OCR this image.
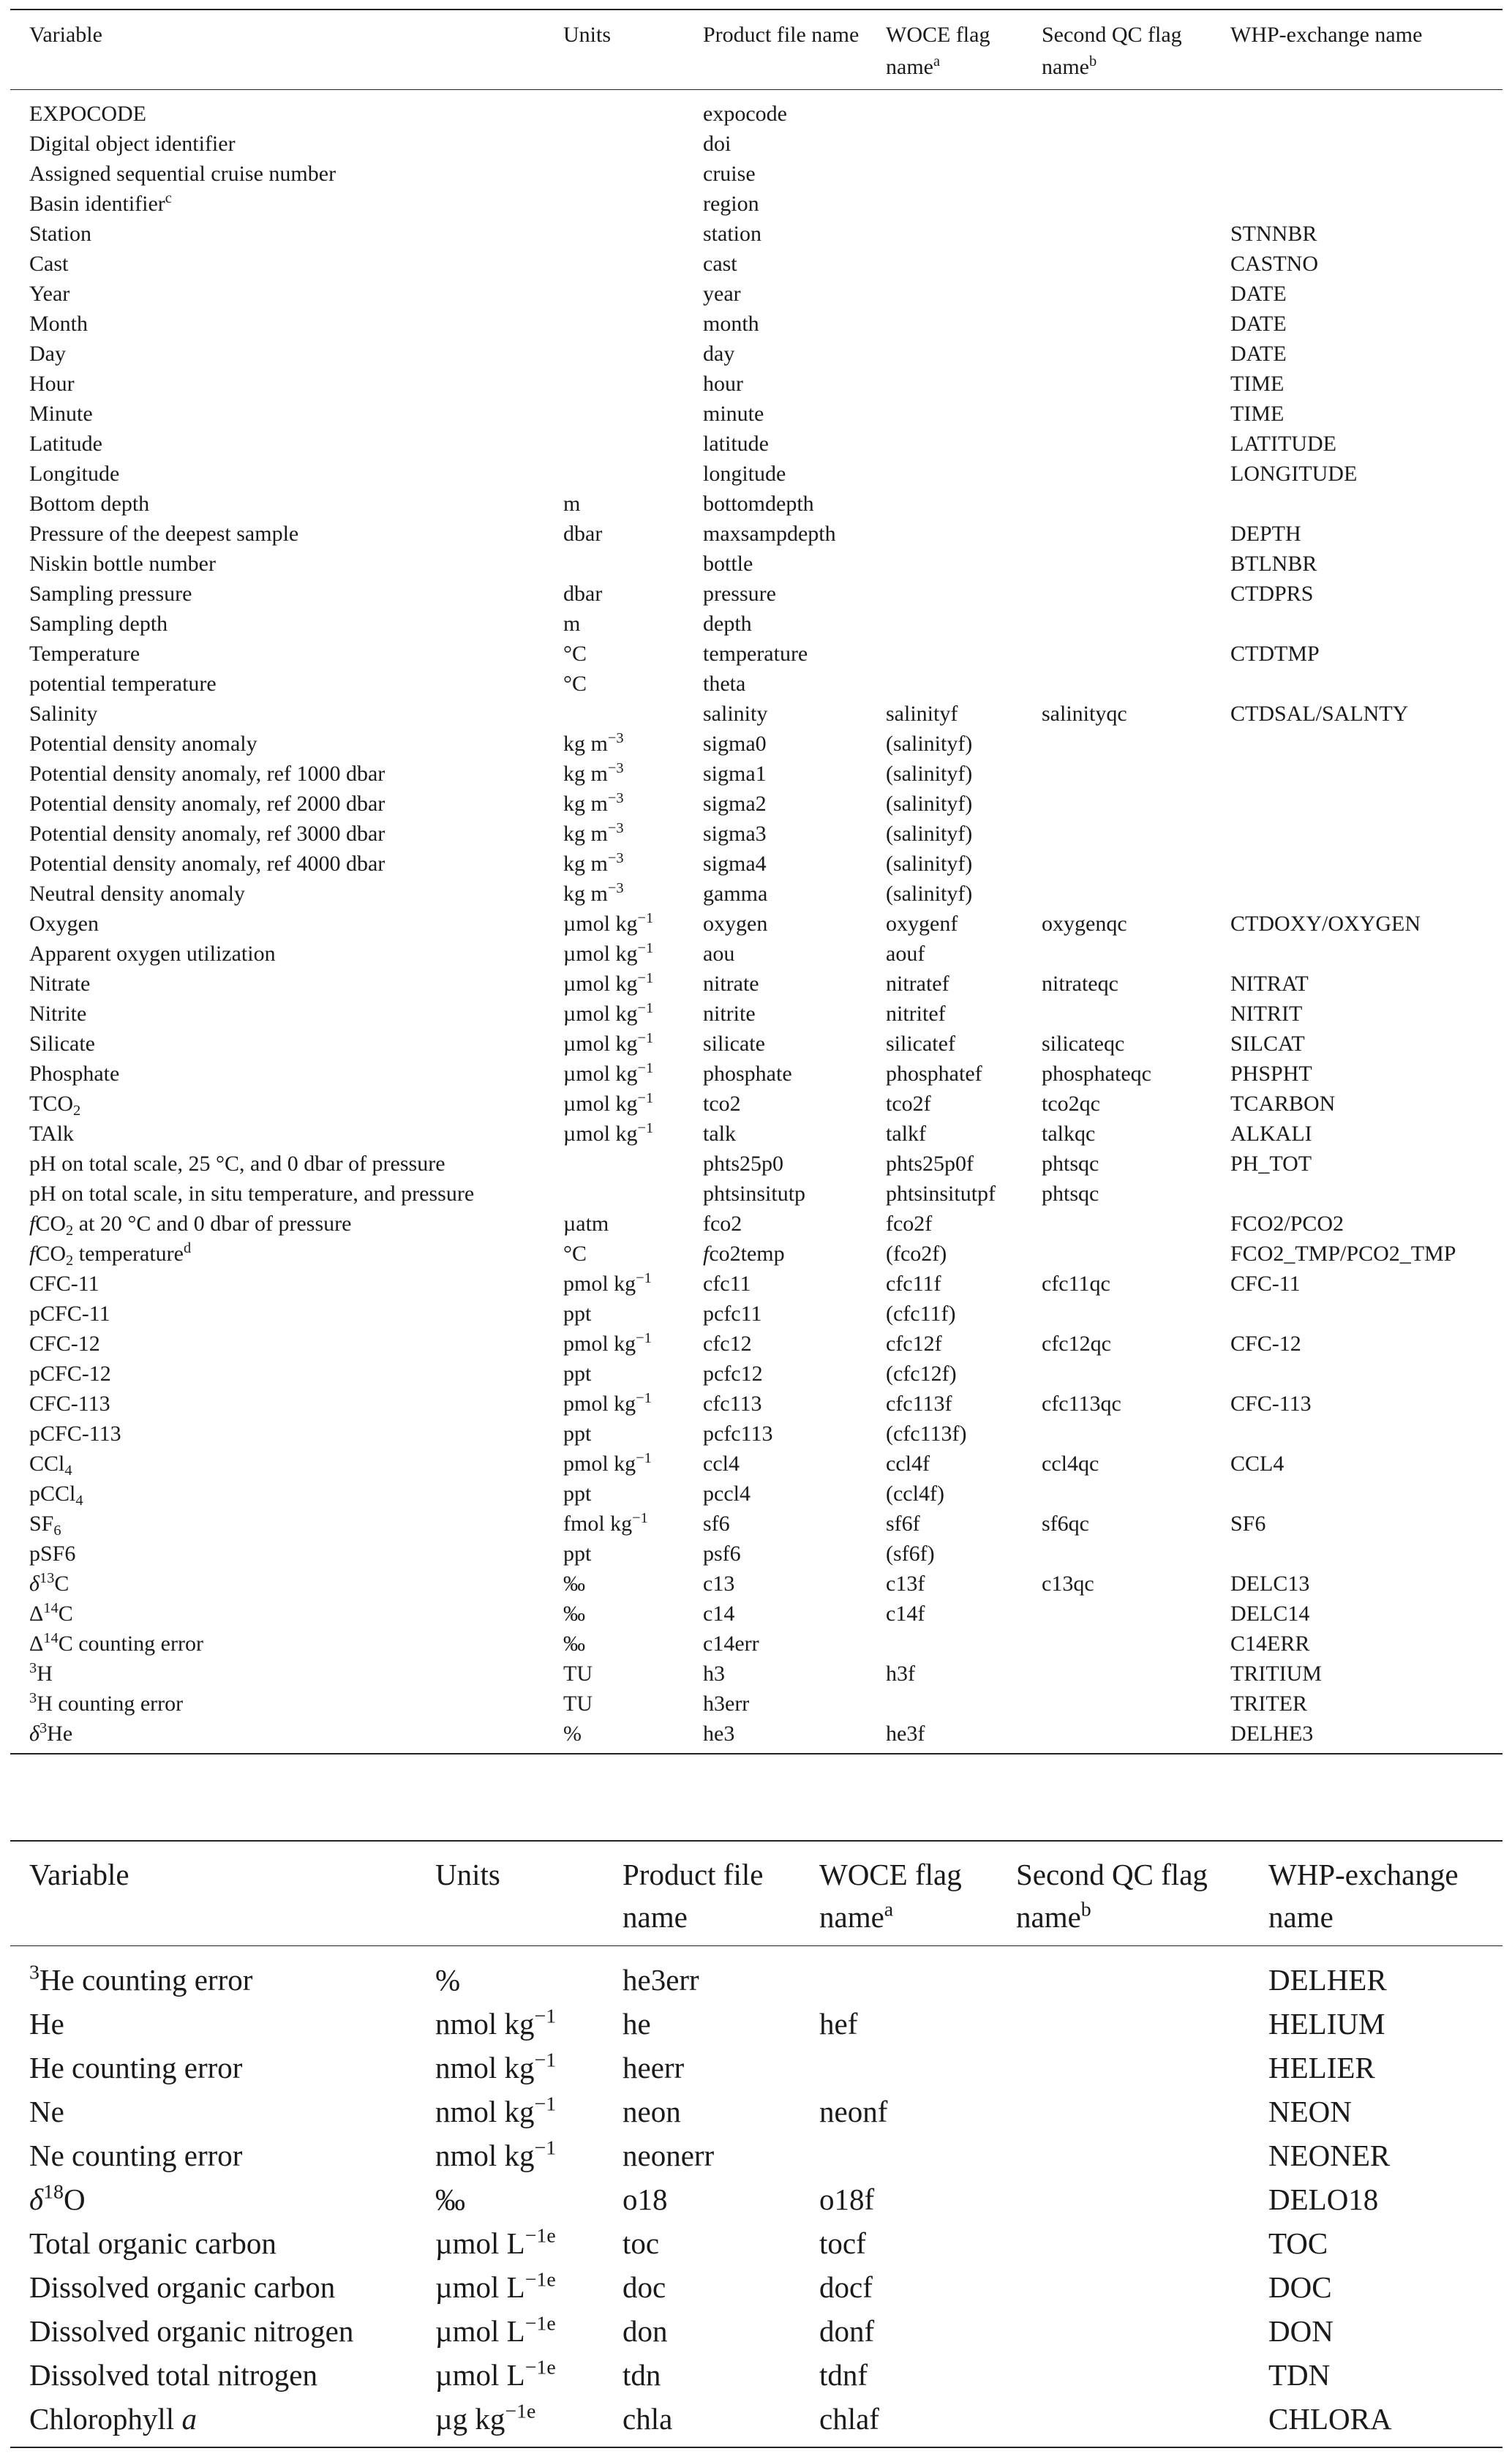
Variable	Units	Product file name	WOCE flag name$^a$	Second QC flag name$^b$	WHP-exchange name
EXPOCODE		expocode			
Digital object identifier		doi			
Assigned sequential cruise number		cruise			
Basin identifier$^c$		region			
Station		station			STNNBR
Cast		cast			CASTNO
Year		year			DATE
Month		month			DATE
Day		day			DATE
Hour		hour			TIME
Minute		minute			TIME
Latitude		latitude			LATITUDE
Longitude		longitude			LONGITUDE
Bottom depth	m	bottomdepth			
Pressure of the deepest sample	dbar	maxsampdepth			DEPTH
Niskin bottle number		bottle			BTLNBR
Sampling pressure	dbar	pressure			CTDPRS
Sampling depth	m	depth			
Temperature	°C	temperature			CTDTMP
potential temperature	°C	theta			
Salinity		salinity	salinityf	salinityqc	CTDSAL/SALNTY
Potential density anomaly	kg $m^{-3}$	sigma0	(salinityf)		
Potential density anomaly, ref 1000 dbar	kg $m^{-3}$	sigma1	(salinityf)		
Potential density anomaly, ref 2000 dbar	kg $m^{-3}$	sigma2	(salinityf)		
Potential density anomaly, ref 3000 dbar	kg $m^{-3}$	sigma3	(salinityf)		
Potential density anomaly, ref 4000 dbar	kg $m^{-3}$	sigma4	(salinityf)		
Neutral density anomaly	kg $m^{-3}$	gamma	(salinityf)		
Oxygen	µmol $kg^{-1}$	oxygen	oxygenf	oxygenqc	CTDOXY/OXYGEN
Apparent oxygen utilization	µmol $kg^{-1}$	aou	aouf		
Nitrate	µmol $kg^{-1}$	nitrate	nitratef	nitrateqc	NITRAT
Nitrite	µmol $kg^{-1}$	nitrite	nitritef		NITRIT
Silicate	µmol $kg^{-1}$	silicate	silicatef	silicateqc	SILCAT
Phosphate	µmol $kg^{-1}$	phosphate	phosphatef	phosphateqc	PHSPHT
$TCO_2$	µmol $kg^{-1}$	tco2	tco2f	tco2qc	TCARBON
TAlk	µmol $kg^{-1}$	talk	talkf	talkqc	ALKALI
pH on total scale, 25 °C, and 0 dbar of pressure		phts25p0	phts25p0f	phtsqc	PH_TOT
pH on total scale, in situ temperature, and pressure		phtsinsitutp	phtsinsitutpf	phtsqc	
fCO$_2$ at 20 °C and 0 dbar of pressure	µatm	fco2	fco2f		FCO2/PCO2
fCO$_2$ temperature$^d$	°C	fco2temp	(fco2f)		FCO2_TMP/PCO2_TMP
CFC-11	pmol $kg^{-1}$	cfc11	cfc11f	cfc11qc	CFC-11
pCFC-11	ppt	pcfc11	(cfc11f)		
CFC-12	pmol $kg^{-1}$	cfc12	cfc12f	cfc12qc	CFC-12
pCFC-12	ppt	pcfc12	(cfc12f)		
CFC-113	pmol $kg^{-1}$	cfc113	cfc113f	cfc113qc	CFC-113
pCFC-113	ppt	pcfc113	(cfc113f)		
CCl$_4$	pmol $kg^{-1}$	ccl4	ccl4f	ccl4qc	CCL4
pCCl$_4$	ppt	pccl4	(ccl4f)		
$SF_6$	fmol $kg^{-1}$	sf6	sf6f	sf6qc	SF6
pSF6	ppt	psf6	(sf6f)		
$\delta^{13}C$	‰	c13	c13f	c13qc	DELC13
$\Delta^{14}C$	‰	c14	c14f		DELC14
$\Delta^{14}C$ counting error	‰	c14err			C14ERR
$^3$H	TU	h3	h3f		TRITIUM
$^3$H counting error	TU	h3err			TRITER
$\delta^3He$	%	he3	he3f		DELHE3
Variable	Units	Product file name	WOCE flag name$^a$	Second QC flag name$^b$	WHP-exchange name
$^3$He counting error	%	he3err			DELHER
He	nmol $kg^{-1}$	he	hef		HELIUM
He counting error	nmol $kg^{-1}$	heerr			HELIER
Ne	nmol $kg^{-1}$	neon	neonf		NEON
Ne counting error	nmol $kg^{-1}$	neonerr			NEONER
$\delta^{18}O$	‰	o18	o18f		DELO18
Total organic carbon	µmol $L^{-1e}$	toc	tocf		TOC
Dissolved organic carbon	µmol $L^{-1e}$	doc	docf		DOC
Dissolved organic nitrogen	µmol $L^{-1e}$	don	donf		DON
Dissolved total nitrogen	µmol $L^{-1e}$	tdn	tdnf		TDN
Chlorophyll a	µg $kg^{-1e}$	chla	chlaf		CHLORA
